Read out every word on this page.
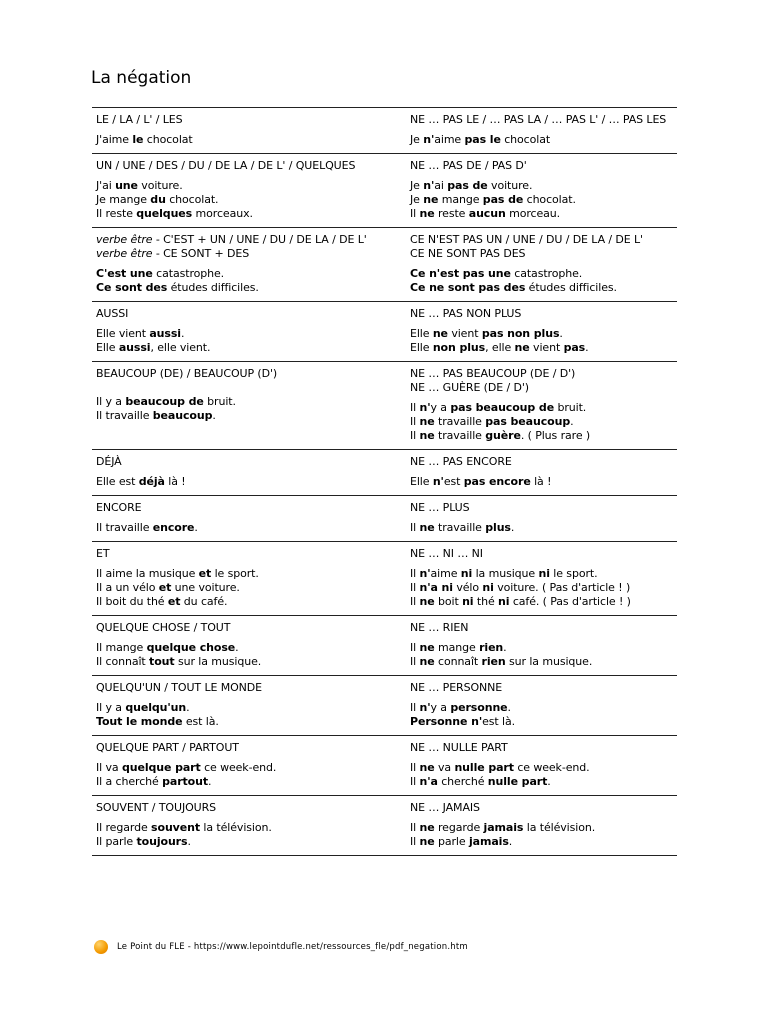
La négation
LE / LA / L' / LES
J'aime le chocolat
NE … PAS LE / … PAS LA / … PAS L' / … PAS LES
Je n'aime pas le chocolat
UN / UNE / DES / DU / DE LA / DE L' / QUELQUES
J'ai une voiture.
Je mange du chocolat.
Il reste quelques morceaux.
NE … PAS DE / PAS D'
Je n'ai pas de voiture.
Je ne mange pas de chocolat.
Il ne reste aucun morceau.
verbe être - C'EST + UN / UNE / DU / DE LA / DE L'
verbe être - CE SONT + DES
C'est une catastrophe.
Ce sont des études difficiles.
CE N'EST PAS UN / UNE / DU / DE LA / DE L'
CE NE SONT PAS DES
Ce n'est pas une catastrophe.
Ce ne sont pas des études difficiles.
AUSSI
Elle vient aussi.
Elle aussi, elle vient.
NE … PAS NON PLUS
Elle ne vient pas non plus.
Elle non plus, elle ne vient pas.
BEAUCOUP (DE) / BEAUCOUP (D')
Il y a beaucoup de bruit.
Il travaille beaucoup.
NE … PAS BEAUCOUP (DE / D')
NE … GUÈRE (DE / D')
Il n'y a pas beaucoup de bruit.
Il ne travaille pas beaucoup.
Il ne travaille guère. ( Plus rare )
DÉJÀ
Elle est déjà là !
NE … PAS ENCORE
Elle n'est pas encore là !
ENCORE
Il travaille encore.
NE … PLUS
Il ne travaille plus.
ET
Il aime la musique et le sport.
Il a un vélo et une voiture.
Il boit du thé et du café.
NE … NI … NI
Il n'aime ni la musique ni le sport.
Il n'a ni vélo ni voiture. ( Pas d'article ! )
Il ne boit ni thé ni café. ( Pas d'article ! )
QUELQUE CHOSE / TOUT
Il mange quelque chose.
Il connaît tout sur la musique.
NE … RIEN
Il ne mange rien.
Il ne connaît rien sur la musique.
QUELQU'UN / TOUT LE MONDE
Il y a quelqu'un.
Tout le monde est là.
NE … PERSONNE
Il n'y a personne.
Personne n'est là.
QUELQUE PART / PARTOUT
Il va quelque part ce week-end.
Il a cherché partout.
NE … NULLE PART
Il ne va nulle part ce week-end.
Il n'a cherché nulle part.
SOUVENT / TOUJOURS
Il regarde souvent la télévision.
Il parle toujours.
NE … JAMAIS
Il ne regarde jamais la télévision.
Il ne parle jamais.
Le Point du FLE - https://www.lepointdufle.net/ressources_fle/pdf_negation.htm
